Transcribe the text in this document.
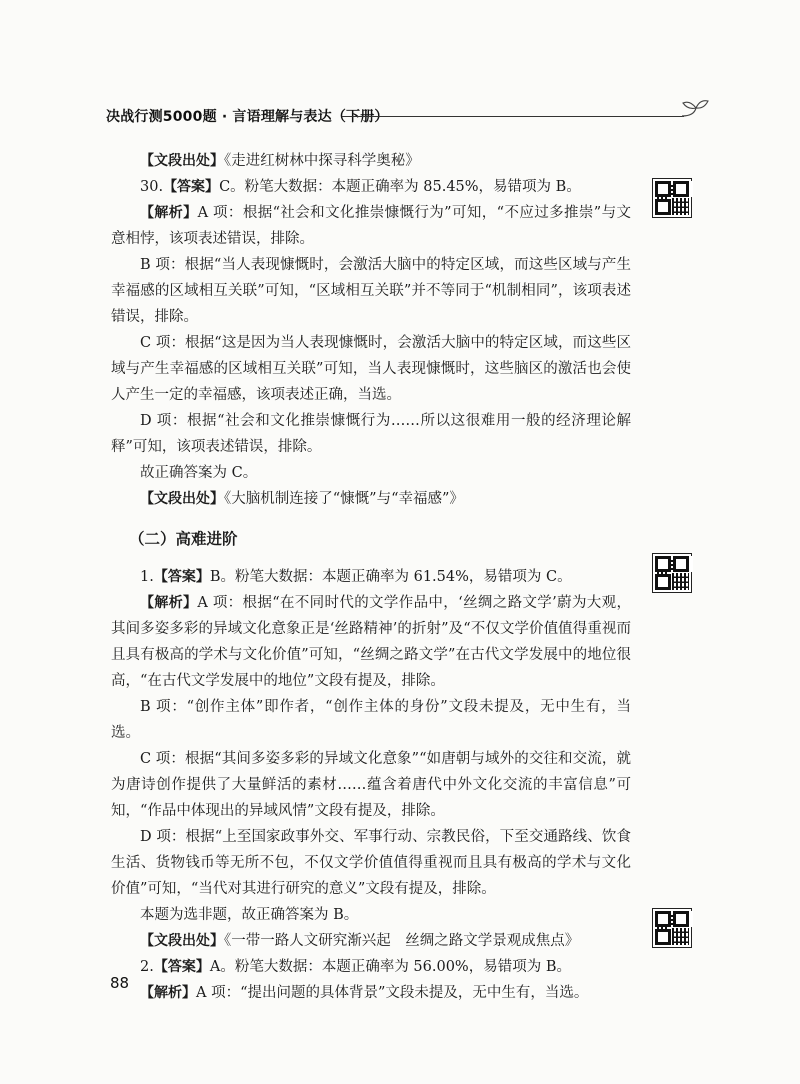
决战行测5000题 · 言语理解与表达（下册）

【文段出处】《走进红树林中探寻科学奥秘》

30.【答案】C。粉笔大数据：本题正确率为 85.45%，易错项为 B。

【解析】A 项：根据“社会和文化推崇慷慨行为”可知，“不应过多推崇”与文意相悖，该项表述错误，排除。

B 项：根据“当人表现慷慨时，会激活大脑中的特定区域，而这些区域与产生幸福感的区域相互关联”可知，“区域相互关联”并不等同于“机制相同”，该项表述错误，排除。

C 项：根据“这是因为当人表现慷慨时，会激活大脑中的特定区域，而这些区域与产生幸福感的区域相互关联”可知，当人表现慷慨时，这些脑区的激活也会使人产生一定的幸福感，该项表述正确，当选。

D 项：根据“社会和文化推崇慷慨行为……所以这很难用一般的经济理论解释”可知，该项表述错误，排除。

故正确答案为 C。

【文段出处】《大脑机制连接了“慷慨”与“幸福感”》

（二）高难进阶

1.【答案】B。粉笔大数据：本题正确率为 61.54%，易错项为 C。

【解析】A 项：根据“在不同时代的文学作品中，‘丝绸之路文学’蔚为大观，其间多姿多彩的异域文化意象正是‘丝路精神’的折射”及“不仅文学价值值得重视而且具有极高的学术与文化价值”可知，“丝绸之路文学”在古代文学发展中的地位很高，“在古代文学发展中的地位”文段有提及，排除。

B 项：“创作主体”即作者，“创作主体的身份”文段未提及，无中生有，当选。

C 项：根据“其间多姿多彩的异域文化意象”“如唐朝与域外的交往和交流，就为唐诗创作提供了大量鲜活的素材……蕴含着唐代中外文化交流的丰富信息”可知，“作品中体现出的异域风情”文段有提及，排除。

D 项：根据“上至国家政事外交、军事行动、宗教民俗，下至交通路线、饮食生活、货物钱币等无所不包，不仅文学价值值得重视而且具有极高的学术与文化价值”可知，“当代对其进行研究的意义”文段有提及，排除。

本题为选非题，故正确答案为 B。

【文段出处】《一带一路人文研究渐兴起　丝绸之路文学景观成焦点》

2.【答案】A。粉笔大数据：本题正确率为 56.00%，易错项为 B。

【解析】A 项：“提出问题的具体背景”文段未提及，无中生有，当选。

88
